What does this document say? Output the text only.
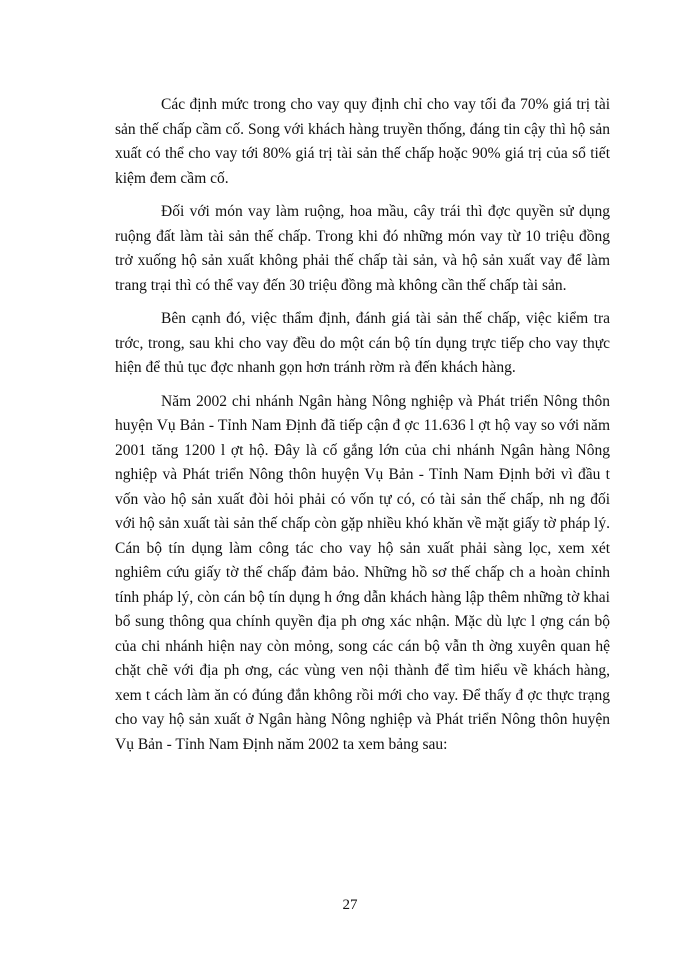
Các định mức trong cho vay quy định chỉ cho vay tối đa 70% giá trị tài sản thế chấp cầm cố. Song với khách hàng truyền thống, đáng tin cậy thì hộ sản xuất có thể cho vay tới 80% giá trị tài sản thế chấp hoặc 90% giá trị của sổ tiết kiệm đem cầm cố.

Đối với món vay làm ruộng, hoa mầu, cây trái thì đợc quyền sử dụng ruộng đất làm tài sản thế chấp. Trong khi đó những món vay từ 10 triệu đồng trở xuống hộ sản xuất không phải thế chấp tài sản, và hộ sản xuất vay để làm trang trại thì có thể vay đến 30 triệu đồng mà không cần thế chấp tài sản.

Bên cạnh đó, việc thẩm định, đánh giá tài sản thế chấp, việc kiểm tra trớc, trong, sau khi cho vay đều do một cán bộ tín dụng trực tiếp cho vay thực hiện để thủ tục đợc nhanh gọn hơn tránh rờm rà đến khách hàng.

Năm 2002 chi nhánh Ngân hàng Nông nghiệp và Phát triển Nông thôn huyện Vụ Bản - Tỉnh Nam Định đã tiếp cận đ ợc 11.636 l ợt hộ vay so với năm 2001 tăng 1200 l ợt hộ. Đây là cố gắng lớn của chi nhánh Ngân hàng Nông nghiệp và Phát triển Nông thôn huyện Vụ Bản - Tỉnh Nam Định bởi vì đầu t vốn vào hộ sản xuất đòi hỏi phải có vốn tự có, có tài sản thế chấp, nh ng đối với hộ sản xuất tài sản thế chấp còn gặp nhiều khó khăn về mặt giấy tờ pháp lý. Cán bộ tín dụng làm công tác cho vay hộ sản xuất phải sàng lọc, xem xét nghiêm cứu giấy tờ thế chấp đảm bảo. Những hồ sơ thế chấp ch a hoàn chỉnh tính pháp lý, còn cán bộ tín dụng h ớng dẫn khách hàng lập thêm những tờ khai bổ sung thông qua chính quyền địa ph ơng xác nhận. Mặc dù lực l ợng cán bộ của chi nhánh hiện nay còn mỏng, song các cán bộ vẫn th ờng xuyên quan hệ chặt chẽ với địa ph ơng, các vùng ven nội thành để tìm hiểu về khách hàng, xem t cách làm ăn có đúng đắn không rồi mới cho vay. Để thấy đ ợc thực trạng cho vay hộ sản xuất ở Ngân hàng Nông nghiệp và Phát triển Nông thôn huyện Vụ Bản - Tỉnh Nam Định năm 2002 ta xem bảng sau:

27
